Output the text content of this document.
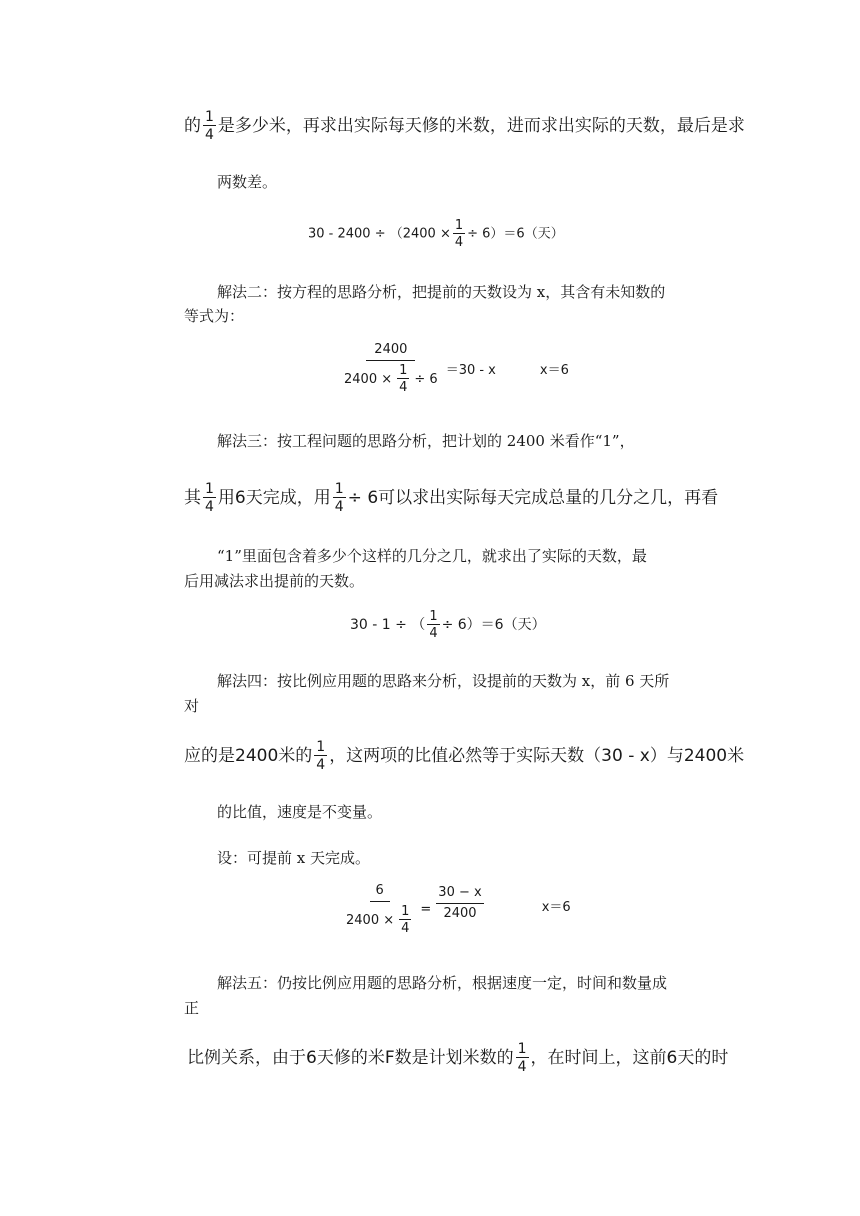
的 $\frac{1}{4}$ 是多少米，再求出实际每天修的米数，进而求出实际的天数，最后是求
两数差。
$30 - 2400 \div (2400 \times \frac{1}{4} \div 6)=6$（天）
解法二：按方程的思路分析，把提前的天数设为 x，其含有未知数的
等式为：
$\frac{2400}{2400 \times \frac{1}{4} \div 6} =30 - x$	x＝6
解法三：按工程问题的思路分析，把计划的 2400 米看作“1”，
其 $\frac{1}{4}$ 用6天完成，用 $\frac{1}{4} \div 6$可以求出实际每天完成总量的几分之几，再看
“1”里面包含着多少个这样的几分之几，就求出了实际的天数，最
后用减法求出提前的天数。
30 - 1 ÷ （ $\frac{1}{4} \div 6)=6$（天）
解法四：按比例应用题的思路来分析，设提前的天数为 x，前 6 天所
对
应的是2400米的 $\frac{1}{4}$ ，这两项的比值必然等于实际天数（30 - x）与2400米
的比值，速度是不变量。
设：可提前 x 天完成。
$\frac{6}{2400 \times \frac{1}{4}} = \frac{30 - x}{2400}$	x＝6
解法五：仍按比例应用题的思路分析，根据速度一定，时间和数量成
正
比例关系，由于6天修的米F数是计划米数的 $\frac{1}{4}$ ，在时间上，这前6天的时
